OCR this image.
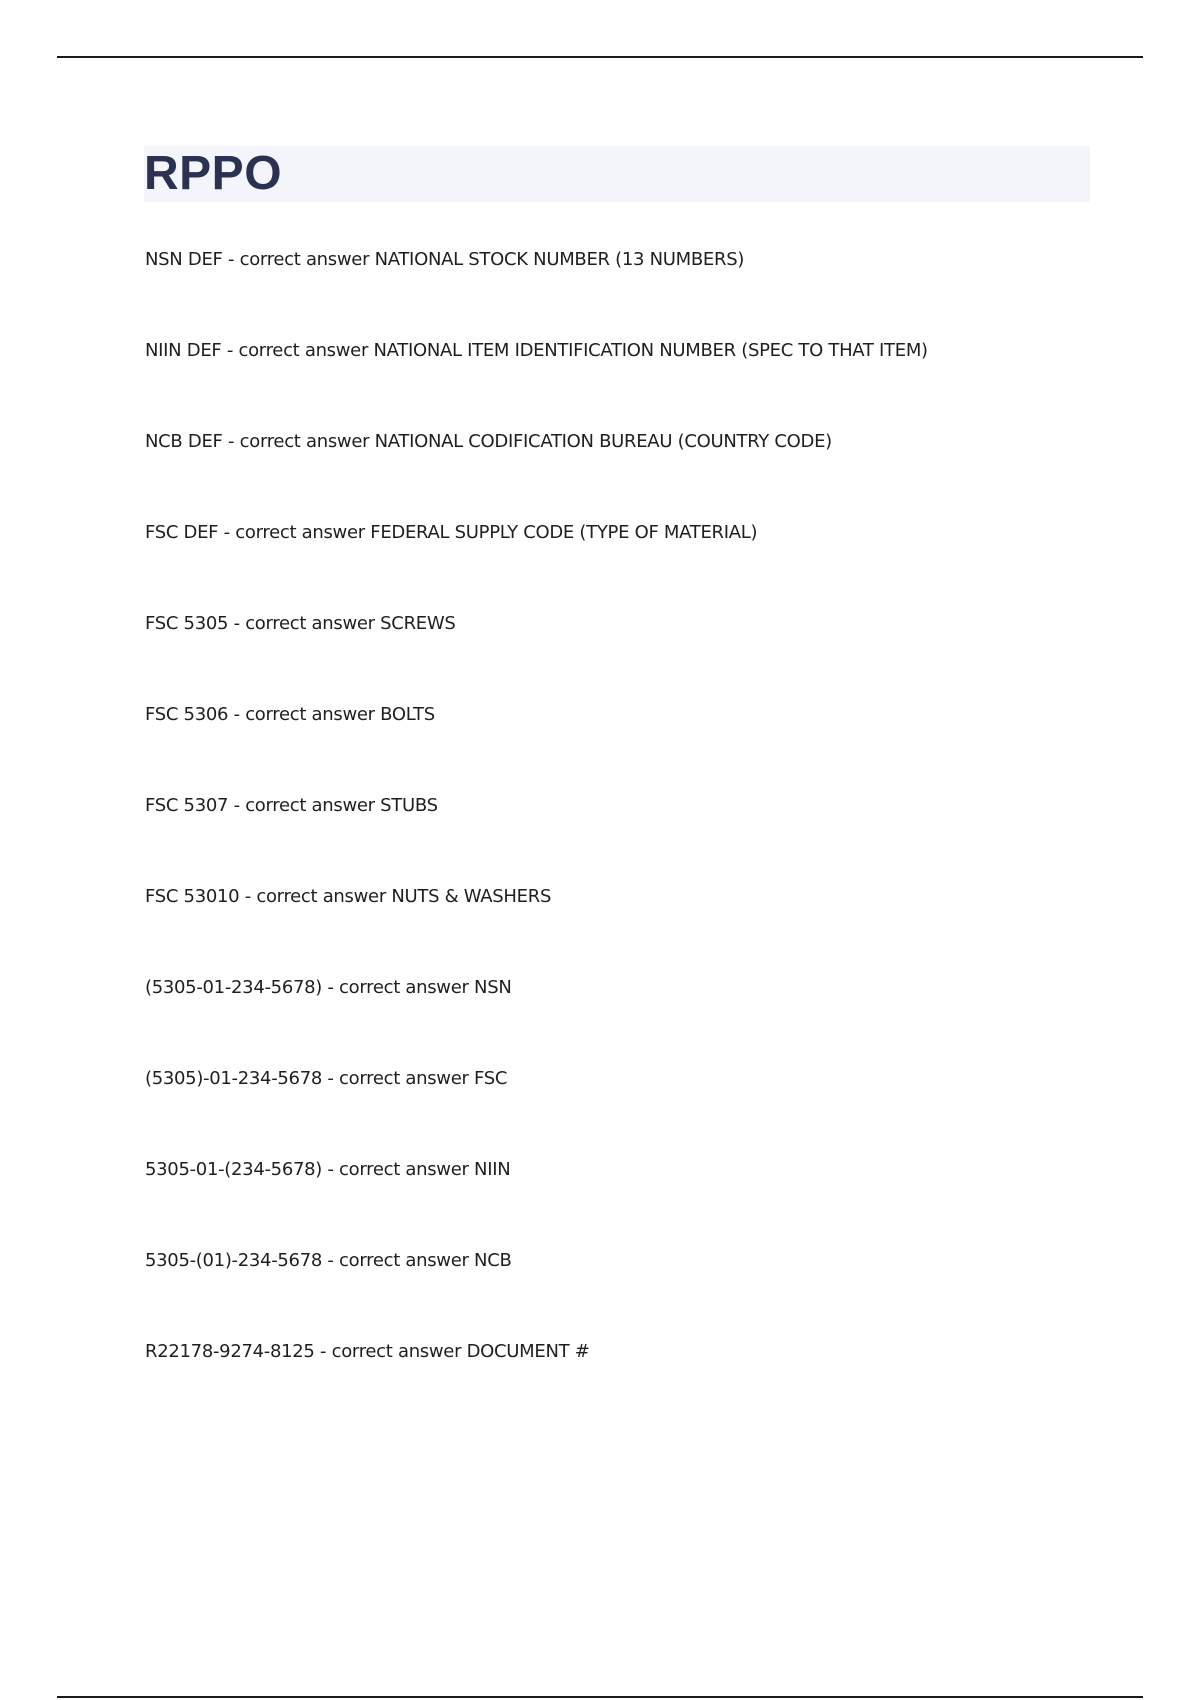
RPPO
NSN DEF - correct answer NATIONAL STOCK NUMBER (13 NUMBERS)
NIIN DEF - correct answer NATIONAL ITEM IDENTIFICATION NUMBER (SPEC TO THAT ITEM)
NCB DEF - correct answer NATIONAL CODIFICATION BUREAU (COUNTRY CODE)
FSC DEF - correct answer FEDERAL SUPPLY CODE (TYPE OF MATERIAL)
FSC 5305 - correct answer SCREWS
FSC 5306 - correct answer BOLTS
FSC 5307 - correct answer STUBS
FSC 53010 - correct answer NUTS & WASHERS
(5305-01-234-5678) - correct answer NSN
(5305)-01-234-5678 - correct answer FSC
5305-01-(234-5678) - correct answer NIIN
5305-(01)-234-5678 - correct answer NCB
R22178-9274-8125 - correct answer DOCUMENT #
